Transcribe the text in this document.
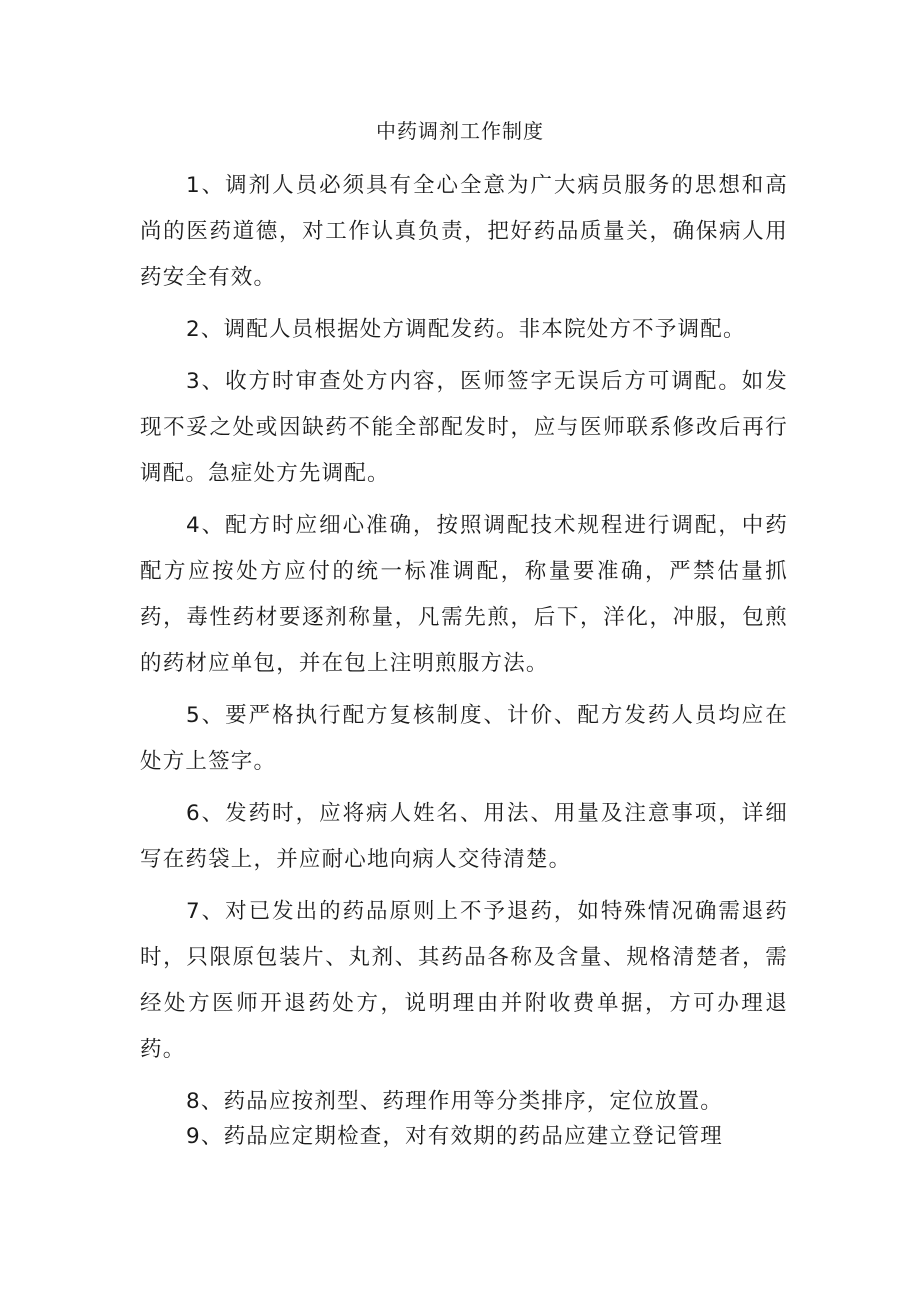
中药调剂工作制度

1、调剂人员必须具有全心全意为广大病员服务的思想和高尚的医药道德，对工作认真负责，把好药品质量关，确保病人用药安全有效。

2、调配人员根据处方调配发药。非本院处方不予调配。

3、收方时审查处方内容，医师签字无误后方可调配。如发现不妥之处或因缺药不能全部配发时，应与医师联系修改后再行调配。急症处方先调配。

4、配方时应细心准确，按照调配技术规程进行调配，中药配方应按处方应付的统一标准调配，称量要准确，严禁估量抓药，毒性药材要逐剂称量，凡需先煎，后下，洋化，冲服，包煎的药材应单包，并在包上注明煎服方法。

5、要严格执行配方复核制度、计价、配方发药人员均应在处方上签字。

6、发药时，应将病人姓名、用法、用量及注意事项，详细写在药袋上，并应耐心地向病人交待清楚。

7、对已发出的药品原则上不予退药，如特殊情况确需退药时，只限原包装片、丸剂、其药品各称及含量、规格清楚者，需经处方医师开退药处方，说明理由并附收费单据，方可办理退药。

8、药品应按剂型、药理作用等分类排序，定位放置。

9、药品应定期检查，对有效期的药品应建立登记管理
